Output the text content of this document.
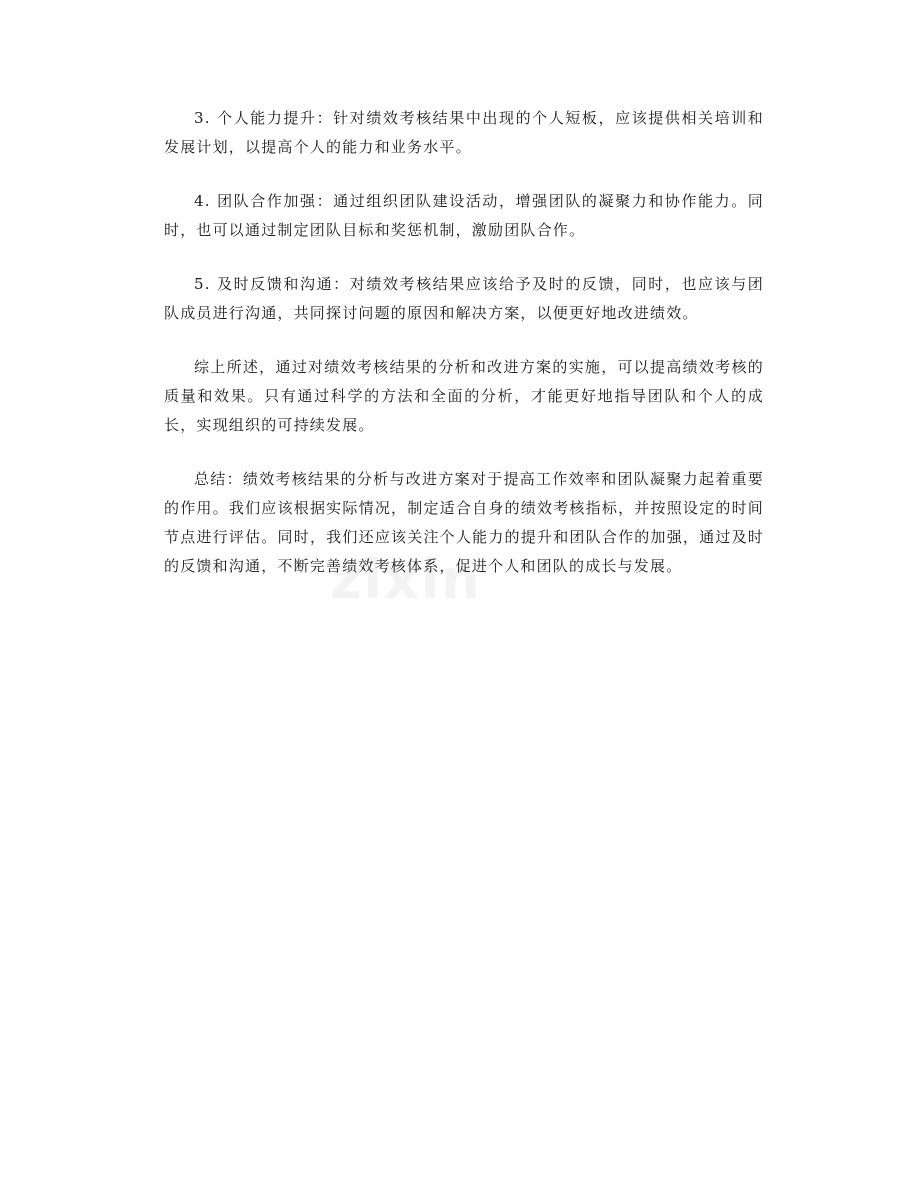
zixin

3. 个人能力提升：针对绩效考核结果中出现的个人短板，应该提供相关培训和发展计划，以提高个人的能力和业务水平。

4. 团队合作加强：通过组织团队建设活动，增强团队的凝聚力和协作能力。同时，也可以通过制定团队目标和奖惩机制，激励团队合作。

5. 及时反馈和沟通：对绩效考核结果应该给予及时的反馈，同时，也应该与团队成员进行沟通，共同探讨问题的原因和解决方案，以便更好地改进绩效。

综上所述，通过对绩效考核结果的分析和改进方案的实施，可以提高绩效考核的质量和效果。只有通过科学的方法和全面的分析，才能更好地指导团队和个人的成长，实现组织的可持续发展。

总结：绩效考核结果的分析与改进方案对于提高工作效率和团队凝聚力起着重要的作用。我们应该根据实际情况，制定适合自身的绩效考核指标，并按照设定的时间节点进行评估。同时，我们还应该关注个人能力的提升和团队合作的加强，通过及时的反馈和沟通，不断完善绩效考核体系，促进个人和团队的成长与发展。
